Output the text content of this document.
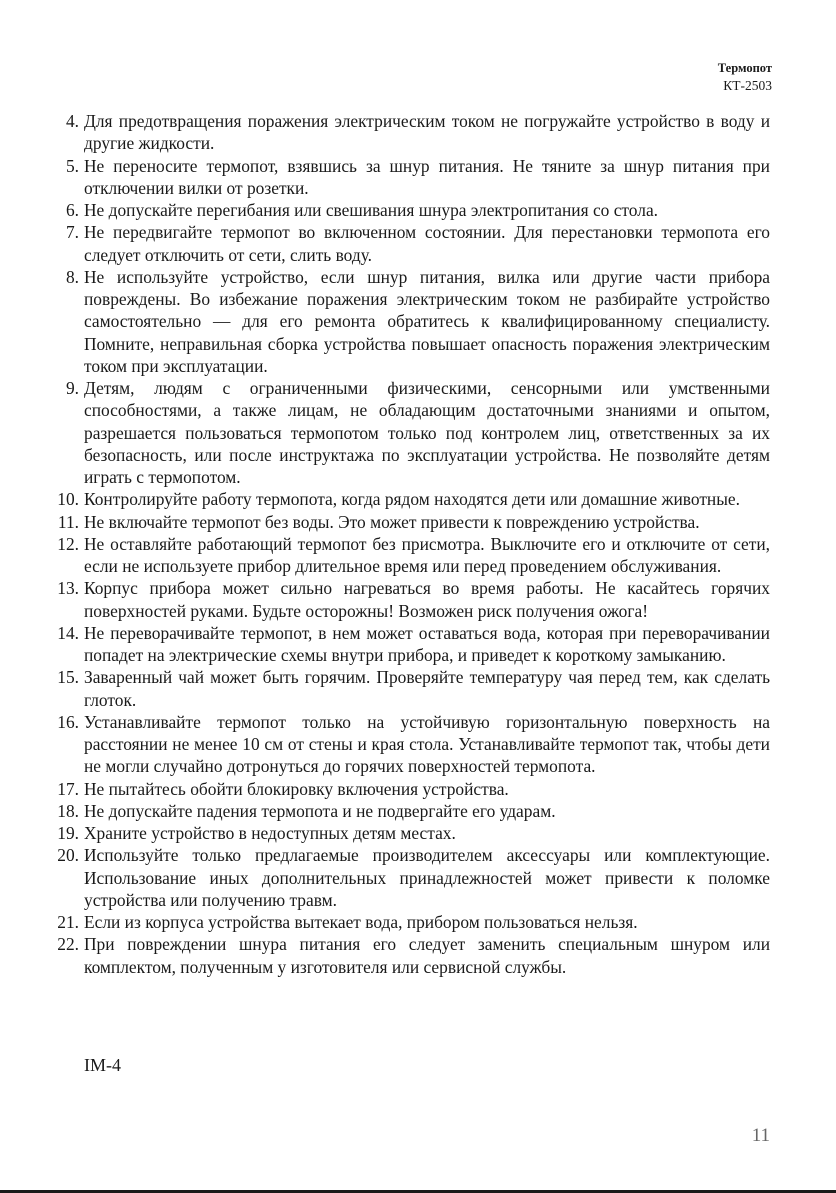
Термопот
КТ-2503
4. Для предотвращения поражения электрическим током не погружайте устройство в воду и другие жидкости.
5. Не переносите термопот, взявшись за шнур питания. Не тяните за шнур питания при отключении вилки от розетки.
6. Не допускайте перегибания или свешивания шнура электропитания со стола.
7. Не передвигайте термопот во включенном состоянии. Для перестановки термопота его следует отключить от сети, слить воду.
8. Не используйте устройство, если шнур питания, вилка или другие части прибора повреждены. Во избежание поражения электрическим током не разбирайте устройство самостоятельно — для его ремонта обратитесь к квалифицированному специалисту. Помните, неправильная сборка устройства повышает опасность поражения электрическим током при эксплуатации.
9. Детям, людям с ограниченными физическими, сенсорными или умственными способностями, а также лицам, не обладающим достаточными знаниями и опытом, разрешается пользоваться термопотом только под контролем лиц, ответственных за их безопасность, или после инструктажа по эксплуатации устройства. Не позволяйте детям играть с термопотом.
10. Контролируйте работу термопота, когда рядом находятся дети или домашние животные.
11. Не включайте термопот без воды. Это может привести к повреждению устройства.
12. Не оставляйте работающий термопот без присмотра. Выключите его и отключите от сети, если не используете прибор длительное время или перед проведением обслуживания.
13. Корпус прибора может сильно нагреваться во время работы. Не касайтесь горячих поверхностей руками. Будьте осторожны! Возможен риск получения ожога!
14. Не переворачивайте термопот, в нем может оставаться вода, которая при переворачивании попадет на электрические схемы внутри прибора, и приведет к короткому замыканию.
15. Заваренный чай может быть горячим. Проверяйте температуру чая перед тем, как сделать глоток.
16. Устанавливайте термопот только на устойчивую горизонтальную поверхность на расстоянии не менее 10 см от стены и края стола. Устанавливайте термопот так, чтобы дети не могли случайно дотронуться до горячих поверхностей термопота.
17. Не пытайтесь обойти блокировку включения устройства.
18. Не допускайте падения термопота и не подвергайте его ударам.
19. Храните устройство в недоступных детям местах.
20. Используйте только предлагаемые производителем аксессуары или комплектующие. Использование иных дополнительных принадлежностей может привести к поломке устройства или получению травм.
21. Если из корпуса устройства вытекает вода, прибором пользоваться нельзя.
22. При повреждении шнура питания его следует заменить специальным шнуром или комплектом, полученным у изготовителя или сервисной службы.
IM-4
11
